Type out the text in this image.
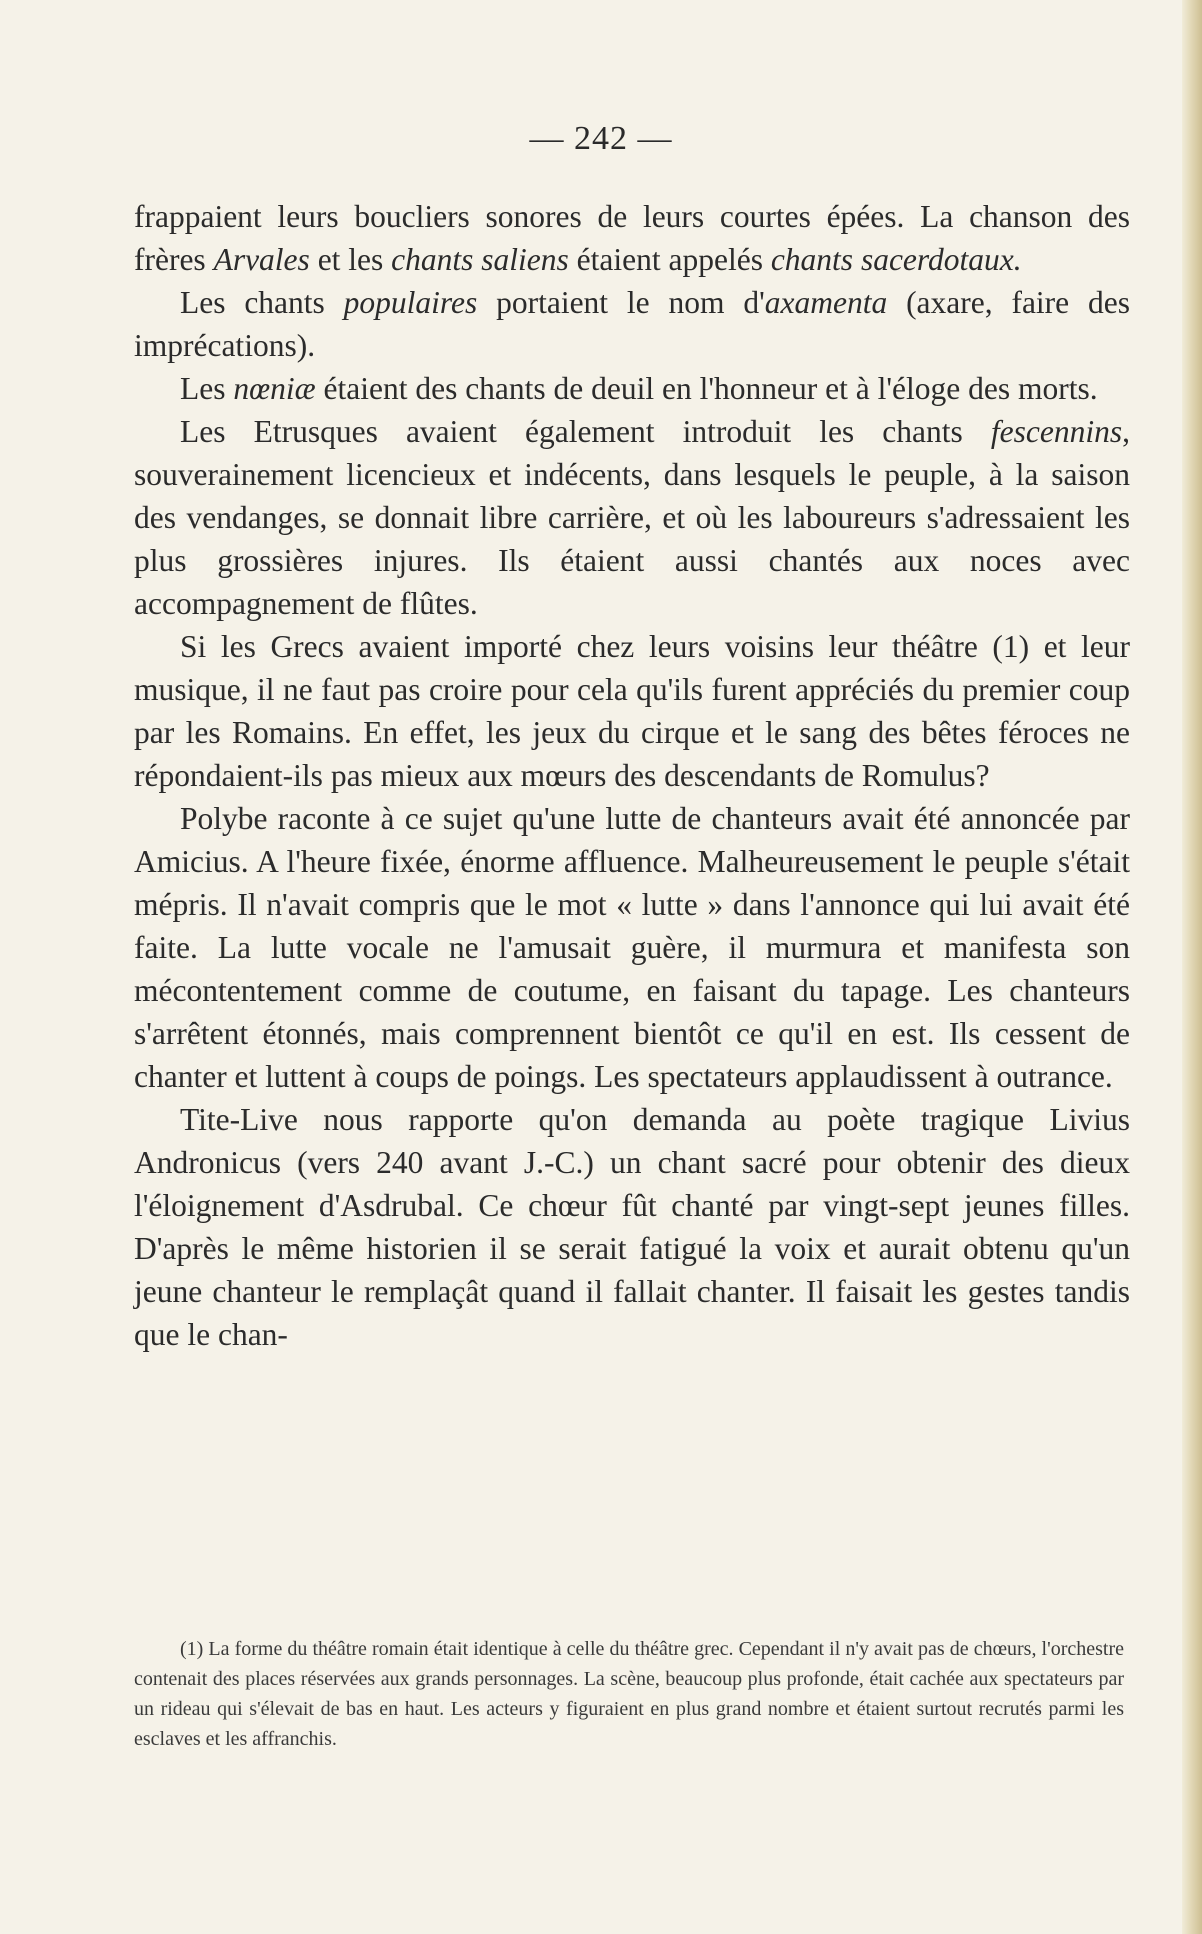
— 242 —

frappaient leurs boucliers sonores de leurs courtes épées. La chanson des frères Arvales et les chants saliens étaient appelés chants sacerdotaux.

Les chants populaires portaient le nom d'axamenta (axare, faire des imprécations).

Les nœniæ étaient des chants de deuil en l'honneur et à l'éloge des morts.

Les Etrusques avaient également introduit les chants fescennins, souverainement licencieux et indécents, dans lesquels le peuple, à la saison des vendanges, se donnait libre carrière, et où les laboureurs s'adressaient les plus grossières injures. Ils étaient aussi chantés aux noces avec accompagnement de flûtes.

Si les Grecs avaient importé chez leurs voisins leur théâtre (1) et leur musique, il ne faut pas croire pour cela qu'ils furent appréciés du premier coup par les Romains. En effet, les jeux du cirque et le sang des bêtes féroces ne répondaient-ils pas mieux aux mœurs des descendants de Romulus?

Polybe raconte à ce sujet qu'une lutte de chanteurs avait été annoncée par Amicius. A l'heure fixée, énorme affluence. Malheureusement le peuple s'était mépris. Il n'avait compris que le mot « lutte » dans l'annonce qui lui avait été faite. La lutte vocale ne l'amusait guère, il murmura et manifesta son mécontentement comme de coutume, en faisant du tapage. Les chanteurs s'arrêtent étonnés, mais comprennent bientôt ce qu'il en est. Ils cessent de chanter et luttent à coups de poings. Les spectateurs applaudissent à outrance.

Tite-Live nous rapporte qu'on demanda au poète tragique Livius Andronicus (vers 240 avant J.-C.) un chant sacré pour obtenir des dieux l'éloignement d'Asdrubal. Ce chœur fût chanté par vingt-sept jeunes filles. D'après le même historien il se serait fatigué la voix et aurait obtenu qu'un jeune chanteur le remplaçât quand il fallait chanter. Il faisait les gestes tandis que le chan-

(1) La forme du théâtre romain était identique à celle du théâtre grec. Cependant il n'y avait pas de chœurs, l'orchestre contenait des places réservées aux grands personnages. La scène, beaucoup plus profonde, était cachée aux spectateurs par un rideau qui s'élevait de bas en haut. Les acteurs y figuraient en plus grand nombre et étaient surtout recrutés parmi les esclaves et les affranchis.
